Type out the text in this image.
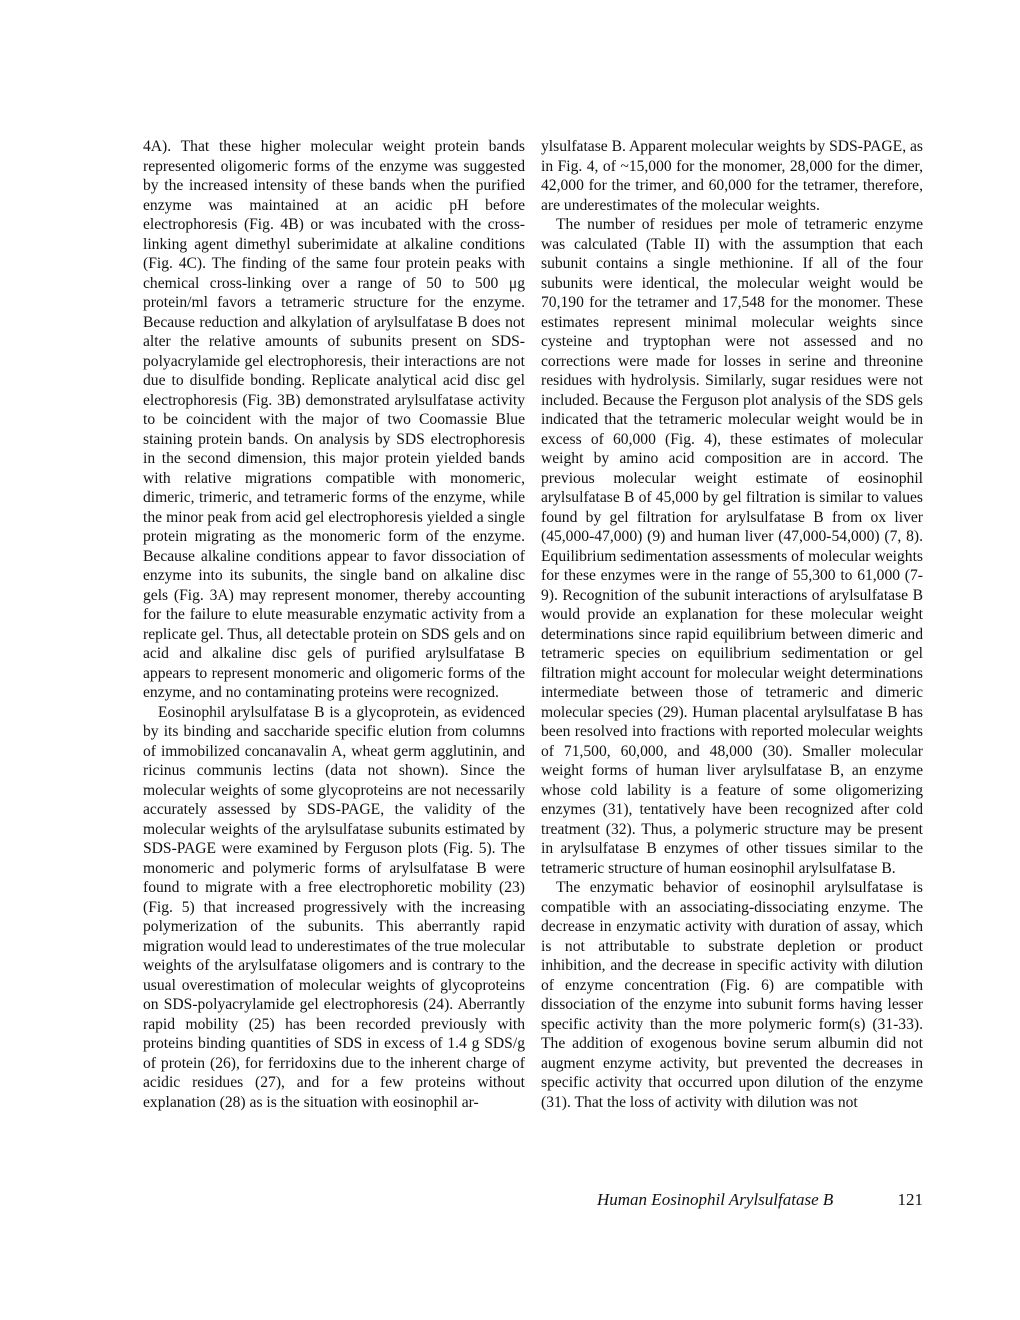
4A). That these higher molecular weight protein bands represented oligomeric forms of the enzyme was suggested by the increased intensity of these bands when the purified enzyme was maintained at an acidic pH before electrophoresis (Fig. 4B) or was incubated with the cross-linking agent dimethyl suberimidate at alkaline conditions (Fig. 4C). The finding of the same four protein peaks with chemical cross-linking over a range of 50 to 500 μg protein/ml favors a tetrameric structure for the enzyme. Because reduction and alkylation of arylsulfatase B does not alter the relative amounts of subunits present on SDS-polyacrylamide gel electrophoresis, their interactions are not due to disulfide bonding. Replicate analytical acid disc gel electrophoresis (Fig. 3B) demonstrated arylsulfatase activity to be coincident with the major of two Coomassie Blue staining protein bands. On analysis by SDS electrophoresis in the second dimension, this major protein yielded bands with relative migrations compatible with monomeric, dimeric, trimeric, and tetrameric forms of the enzyme, while the minor peak from acid gel electrophoresis yielded a single protein migrating as the monomeric form of the enzyme. Because alkaline conditions appear to favor dissociation of enzyme into its subunits, the single band on alkaline disc gels (Fig. 3A) may represent monomer, thereby accounting for the failure to elute measurable enzymatic activity from a replicate gel. Thus, all detectable protein on SDS gels and on acid and alkaline disc gels of purified arylsulfatase B appears to represent monomeric and oligomeric forms of the enzyme, and no contaminating proteins were recognized.

Eosinophil arylsulfatase B is a glycoprotein, as evidenced by its binding and saccharide specific elution from columns of immobilized concanavalin A, wheat germ agglutinin, and ricinus communis lectins (data not shown). Since the molecular weights of some glycoproteins are not necessarily accurately assessed by SDS-PAGE, the validity of the molecular weights of the arylsulfatase subunits estimated by SDS-PAGE were examined by Ferguson plots (Fig. 5). The monomeric and polymeric forms of arylsulfatase B were found to migrate with a free electrophoretic mobility (23) (Fig. 5) that increased progressively with the increasing polymerization of the subunits. This aberrantly rapid migration would lead to underestimates of the true molecular weights of the arylsulfatase oligomers and is contrary to the usual overestimation of molecular weights of glycoproteins on SDS-polyacrylamide gel electrophoresis (24). Aberrantly rapid mobility (25) has been recorded previously with proteins binding quantities of SDS in excess of 1.4 g SDS/g of protein (26), for ferridoxins due to the inherent charge of acidic residues (27), and for a few proteins without explanation (28) as is the situation with eosinophil ar-

ylsulfatase B. Apparent molecular weights by SDS-PAGE, as in Fig. 4, of ~15,000 for the monomer, 28,000 for the dimer, 42,000 for the trimer, and 60,000 for the tetramer, therefore, are underestimates of the molecular weights.

The number of residues per mole of tetrameric enzyme was calculated (Table II) with the assumption that each subunit contains a single methionine. If all of the four subunits were identical, the molecular weight would be 70,190 for the tetramer and 17,548 for the monomer. These estimates represent minimal molecular weights since cysteine and tryptophan were not assessed and no corrections were made for losses in serine and threonine residues with hydrolysis. Similarly, sugar residues were not included. Because the Ferguson plot analysis of the SDS gels indicated that the tetrameric molecular weight would be in excess of 60,000 (Fig. 4), these estimates of molecular weight by amino acid composition are in accord. The previous molecular weight estimate of eosinophil arylsulfatase B of 45,000 by gel filtration is similar to values found by gel filtration for arylsulfatase B from ox liver (45,000-47,000) (9) and human liver (47,000-54,000) (7, 8). Equilibrium sedimentation assessments of molecular weights for these enzymes were in the range of 55,300 to 61,000 (7-9). Recognition of the subunit interactions of arylsulfatase B would provide an explanation for these molecular weight determinations since rapid equilibrium between dimeric and tetrameric species on equilibrium sedimentation or gel filtration might account for molecular weight determinations intermediate between those of tetrameric and dimeric molecular species (29). Human placental arylsulfatase B has been resolved into fractions with reported molecular weights of 71,500, 60,000, and 48,000 (30). Smaller molecular weight forms of human liver arylsulfatase B, an enzyme whose cold lability is a feature of some oligomerizing enzymes (31), tentatively have been recognized after cold treatment (32). Thus, a polymeric structure may be present in arylsulfatase B enzymes of other tissues similar to the tetrameric structure of human eosinophil arylsulfatase B.

The enzymatic behavior of eosinophil arylsulfatase is compatible with an associating-dissociating enzyme. The decrease in enzymatic activity with duration of assay, which is not attributable to substrate depletion or product inhibition, and the decrease in specific activity with dilution of enzyme concentration (Fig. 6) are compatible with dissociation of the enzyme into subunit forms having lesser specific activity than the more polymeric form(s) (31-33). The addition of exogenous bovine serum albumin did not augment enzyme activity, but prevented the decreases in specific activity that occurred upon dilution of the enzyme (31). That the loss of activity with dilution was not

Human Eosinophil Arylsulfatase B	121
